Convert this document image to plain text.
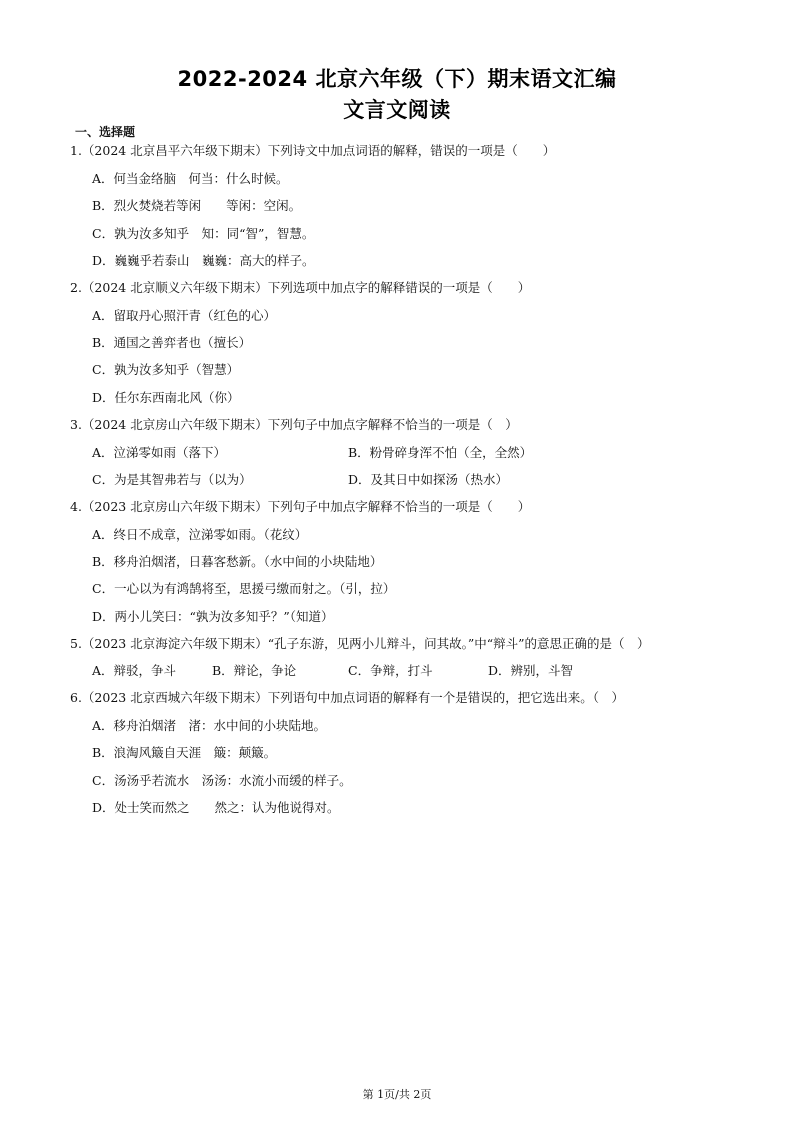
2022-2024 北京六年级（下）期末语文汇编
文言文阅读
一、选择题
1.（2024 北京昌平六年级下期末）下列诗文中加点词语的解释，错误的一项是（　　）
A．何当金络脑　何当：什么时候。
B．烈火焚烧若等闲　　等闲：空闲。
C．孰为汝多知乎　知：同“智”，智慧。
D．巍巍乎若泰山　巍巍：高大的样子。
2.（2024 北京顺义六年级下期末）下列选项中加点字的解释错误的一项是（　　）
A．留取丹心照汗青（红色的心）
B．通国之善弈者也（擅长）
C．孰为汝多知乎（智慧）
D．任尔东西南北风（你）
3.（2024 北京房山六年级下期末）下列句子中加点字解释不恰当的一项是（　）
A．泣涕零如雨（落下）	B．粉骨碎身浑不怕（全，全然）
C．为是其智弗若与（以为）	D．及其日中如探汤（热水）
4.（2023 北京房山六年级下期末）下列句子中加点字解释不恰当的一项是（　　）
A．终日不成章，泣涕零如雨。（花纹）
B．移舟泊烟渚，日暮客愁新。（水中间的小块陆地）
C．一心以为有鸿鹄将至，思援弓缴而射之。（引，拉）
D．两小儿笑曰：“孰为汝多知乎？”（知道）
5.（2023 北京海淀六年级下期末）“孔子东游，见两小儿辩斗，问其故。”中“辩斗”的意思正确的是（　）
A．辩驳，争斗	B．辩论，争论	C．争辩，打斗	D．辨别，斗智
6.（2023 北京西城六年级下期末）下列语句中加点词语的解释有一个是错误的，把它选出来。（　）
A．移舟泊烟渚　渚：水中间的小块陆地。
B．浪淘风簸自天涯　簸：颠簸。
C．汤汤乎若流水　汤汤：水流小而缓的样子。
D．处士笑而然之　　然之：认为他说得对。
第 1页/共 2页
